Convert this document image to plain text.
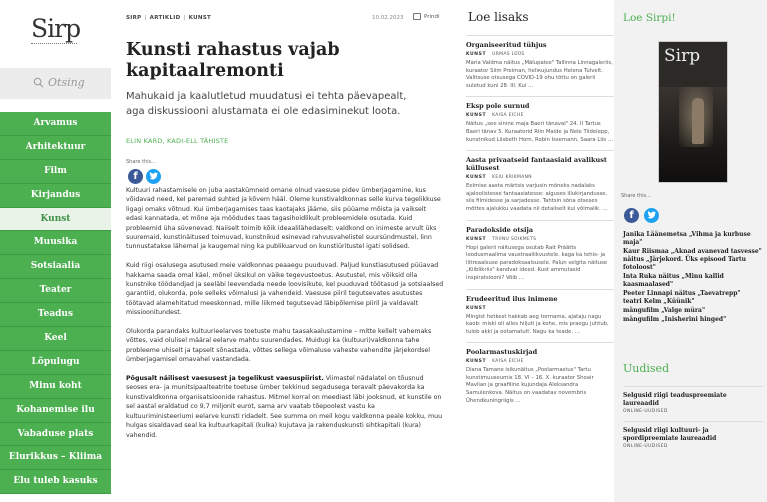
Sirp
Otsing
Arvamus
Arhitektuur
Film
Kirjandus
Kunst
Muusika
Sotsiaalia
Teater
Teadus
Keel
Lõpulugu
Minu koht
Kohanemise ilu
Vabaduse plats
Elurikkus – Kliima
Elu tuleb kasuks
SIRP | ARTIKLID | KUNST	10.02.2023	Prindi
Kunsti rahastus vajab kapitaalremonti
Mahukaid ja kaalutletud muudatusi ei tehta päevapealt, aga diskussiooni alustamata ei ole edasiminekut loota.
ELIN KARD, KADI-ELL TÄHISTE
Share this...
f

Kultuuri rahastamisele on juba aastakümneid omane olnud vaesuse pidev ümberjagamine, kus võidavad need, kel paremad suhted ja kõvem hääl. Oleme kunstivaldkonnas selle kurva tegelikkuse ligagi omaks võtnud. Kui ümberjagamises taas kaotajaks jääme, siis püüame mõista ja vaikselt edasi kannatada, et mõne aja möödudes taas tagasihoidlikult probleemidele osutada. Kuid probleemid üha süvenevad. Naiiselt toimib kõik ideaalilähedaselt: valdkond on inimeste arvult üks suuremaid, kunstinäitused toimuvad, kunstnikud esinevad rahvusvahelistel suursündmustel, linn tunnustatakse lähemal ja kaugemal ning ka publikuarvud on kunstiüritustel igati solidsed.

Kuid riigi osalusega asutused meie valdkonnas peaaegu puuduvad. Paljud kunstiasutused püüavad hakkama saada omal käel, mõnel üksikul on väike tegevustoetus. Asutustel, mis võiksid olla kunstnike töödandjad ja seeläbi leevendada neede loovisikute, kel puuduvad töötasud ja sotsiaalsed garantiid, olukorda, pole selleks võimalusi ja vahendeid. Vaesuse piiril tegutsevates asutustes töötavad alamehitatud meeskonnad, mille liikmed tegutsevad läbipõlemise piiril ja valdavalt missioonitundest.

Olukorda parandaks kultuurieelarves toetuste mahu taasakaalustamine – mitte kellelt vahemaks võttes, vaid olulisel määral eelarve mahtu suurendades. Muidugi ka (kultuuri)valdkonna tahe probleeme uhiselt ja tapselt sõnastada, võttes sellega võimaluse vaheste vahendite järjekordsel ümberjagamisel omavahel vastandada.

Põgusalt näilisest vaesusest ja tegelikust vaesuspiirist. Viimastel nädalatel on tõusnud seoses era- ja munitsipaalteatrite toetuse ümber tekkinud segadusega teravalt päevakorda ka kunstivaldkonna organisatsioonide rahastus. Mitmel korral on meediast läbi jooksnud, et kunstile on sel aastal eraldatud co 9,7 miljonit eurot, sama arv vaatab tõepoolest vastu ka kultuuriministeeriumi eelarve kunsti ridadelt. See summa on meil kogu valdkonna peale kokku, muu hulgas sisaldavad seal ka kultuurkapitali (kulka) kujutava ja rakenduskunsti sihtkapitali (kura) vahendid.

Loe lisaks
Organiseeritud tühjus
KUNST URMAS LÜÜS
Maria Valdma näitus „Mälupalee" Tallinna Linnagaleriis, kuraator Siim Preiman, heliкujundus Helena Tulvelt. Valitsuse otsusega COVID-19 ohu tõttu on galerii suletud kuni 28. III. Kui …
Eksp pole surnud
KUNST KAISA EICHE
Näitus „see sinine maja Baeri tänaval" 24. II Tartus Baeri tänav 5. Kuraatorid Riin Maide ja Nele Tiidelepp, kunstnikud Liisbeth Horn, Robin Issemann, Saara Liis …
Aasta privaatseid fantaasiaid avalikust küllusest
KUNST KEIU KRIKMANN
Eelmise aasta märtsis varjusin mõneks nadalaks ajaloolistesse fantaasiatesse: alguses illukirjandusse, siis filmidesse ja sarjadesse. Tahtsin sõna otseses mõttes ajalukku vaadata nii detailselt kui võimalik. …
Paradokside otsija
KUNST TRIINU SOIKMETS
Hopi galerii näitusega osutab Rait Präätts loodusmaalima vaustraaliikvustele. kaga ka tehis- ja liitreaalsuse paradoksaalsusele. Palun selgita näituse „Kiiblikriis" kandvat ideed. Kust ammutasid inspiratsiooni? Võib …
Erudeeritud ilus inimene
KUNST
Mingist hetkest hakkab aeg tormama, ajataju nagu kaob: miski oli alles hiljuti ja kohe, mis praegu juhtub, tuleb akki ja ootamatult. Nagu ka teade. …
Poolarmastuskirjad
KUNST KAISA EICHE
Diana Tamane isikunäitus „Poolarmastus" Tartu kunstimuuseumis 18. VI – 16. X. kuraator Shoair Mavlian ja graafiline kujundaja Aleksandra Samulenkova. Näitus on vaadatav novembris Ühendkuningriigis …
Loe Sirpi!
Sirp
Share this...
f
Janika Läänemetsa „Vihma ja kurbuse maja"
Kaur Riismaa „Aknad avanevad tasvesse"
näitus „Järjekord. Üks episood Tartu fotoloost"
Inta Ruka näitus „Minu kallid kaasmaalased"
Peeter Linnapi näitus „Taevatrepp"
teatri Kelm „Küünik"
mängufilm „Valge mürа"
mängufilm „Inisherini hinged"
Uudised
Selgusid riigi teaduspreemiate laureaadid
ONLINE-UUDISED
Selgusid riigi kultuuri- ja spordipreemiate laureaadid
ONLINE-UUDISED
